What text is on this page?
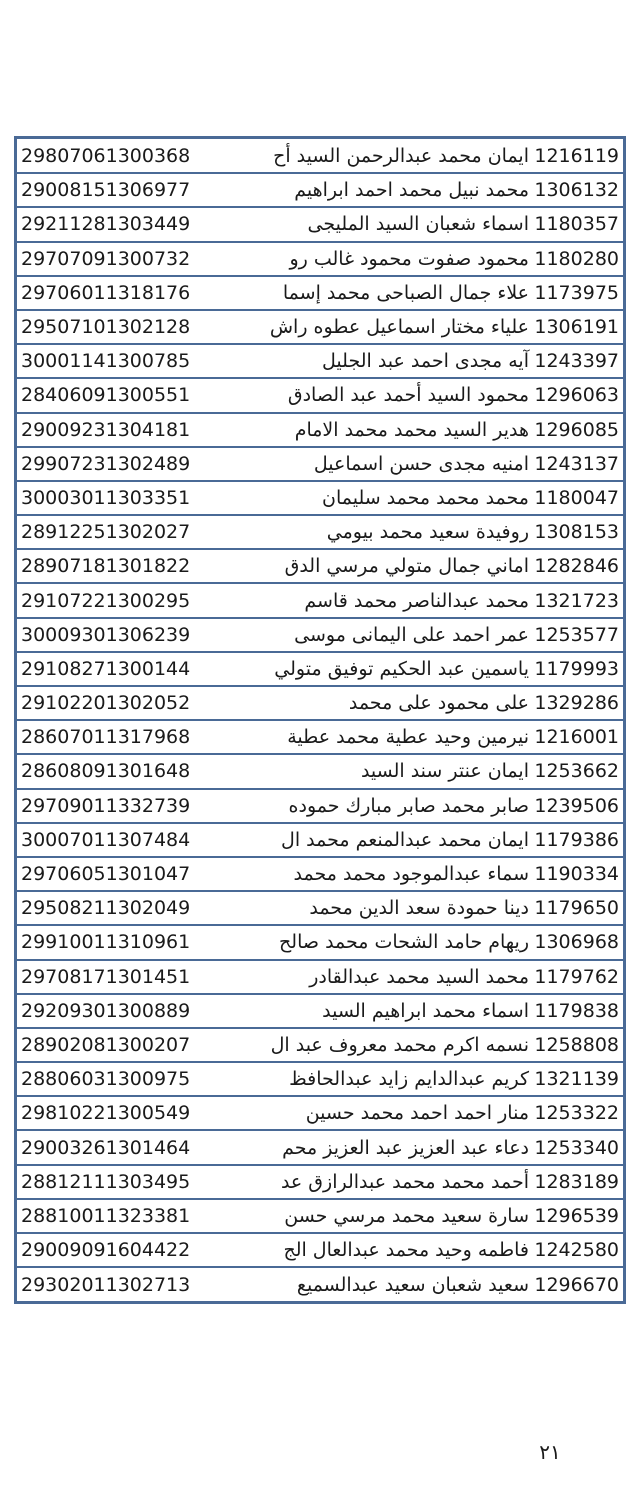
29807061300368	ايمان محمد عبدالرحمن السيد أح	1216119
29008151306977	محمد نبيل محمد احمد ابراهيم	1306132
29211281303449	اسماء شعبان السيد المليجى	1180357
29707091300732	محمود صفوت محمود غالب رو	1180280
29706011318176	علاء جمال الصباحى محمد إسما	1173975
29507101302128	علياء مختار اسماعيل عطوه راش	1306191
30001141300785	آيه مجدى احمد عبد الجليل	1243397
28406091300551	محمود السيد أحمد عبد الصادق	1296063
29009231304181	هدير السيد محمد محمد الامام	1296085
29907231302489	امنيه مجدى حسن اسماعيل	1243137
30003011303351	محمد محمد محمد سليمان	1180047
28912251302027	روفيدة سعيد محمد بيومي	1308153
28907181301822	اماني جمال متولي مرسي الدق	1282846
29107221300295	محمد عبدالناصر محمد قاسم	1321723
30009301306239	عمر احمد على اليمانى موسى	1253577
29108271300144	ياسمين عبد الحكيم توفيق متولي	1179993
29102201302052	على محمود على محمد	1329286
28607011317968	نيرمين وحيد عطية محمد عطية	1216001
28608091301648	ايمان عنتر سند السيد	1253662
29709011332739	صابر محمد صابر مبارك حموده	1239506
30007011307484	ايمان محمد عبدالمنعم محمد ال	1179386
29706051301047	سماء عبدالموجود محمد محمد	1190334
29508211302049	دينا حمودة سعد الدين محمد	1179650
29910011310961	ريهام حامد الشحات محمد صالح	1306968
29708171301451	محمد السيد محمد عبدالقادر	1179762
29209301300889	اسماء محمد ابراهيم السيد	1179838
28902081300207	نسمه اكرم محمد معروف عبد ال	1258808
28806031300975	كريم عبدالدايم زايد عبدالحافظ	1321139
29810221300549	منار احمد احمد محمد حسين	1253322
29003261301464	دعاء عبد العزيز عبد العزيز محم	1253340
28812111303495	أحمد محمد محمد عبدالرازق عد	1283189
28810011323381	سارة سعيد محمد مرسي حسن	1296539
29009091604422	فاطمه وحيد محمد عبدالعال الج	1242580
29302011302713	سعيد شعبان سعيد عبدالسميع	1296670
٢١
